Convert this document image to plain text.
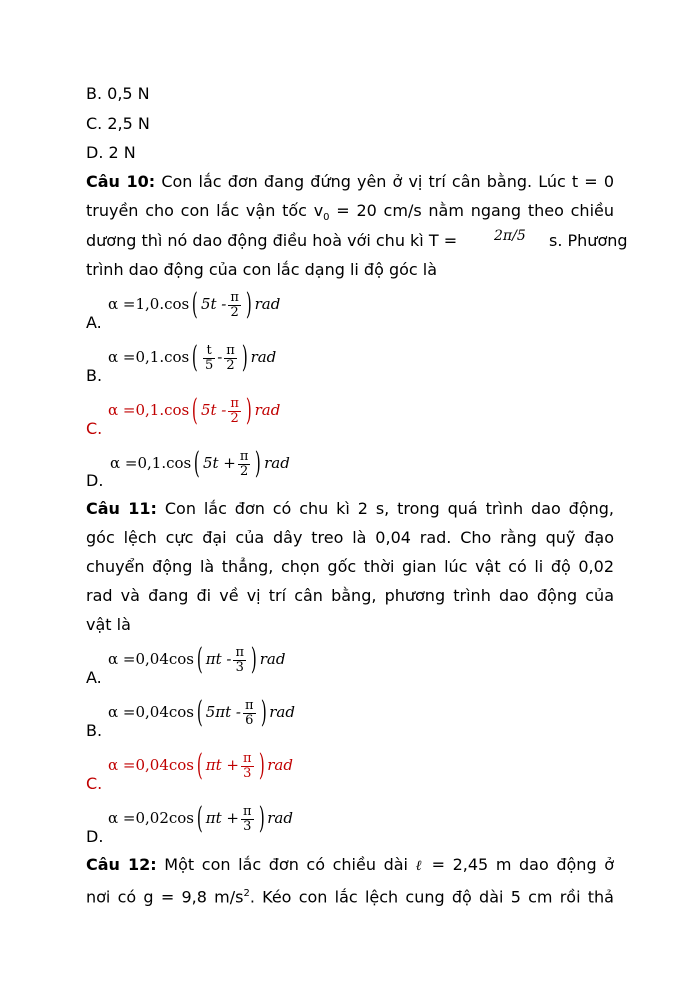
B. 0,5 N
C. 2,5 N
D. 2 N
Câu 10: Con lắc đơn đang đứng yên ở vị trí cân bằng. Lúc t = 0
truyền cho con lắc vận tốc $v_0 = 20$ cm/s nằm ngang theo chiều
dương thì nó dao động điều hoà với chu kì T =	2π/5 s. Phương
trình dao động của con lắc dạng li độ góc là
A.
α =1,0.cos( $5t - \frac{\pi}{2}$ ) rad
B.
$\alpha =0,1.\cos( \frac{t}{5} - \frac{\pi}{2}$ ) rad
C.
α =0,1.cos( $5t - \frac{\pi}{2}$ ) rad
D.
α =0,1.cos( $5t + \frac{\pi}{2}$ ) rad
Câu 11: Con lắc đơn có chu kì 2 s, trong quá trình dao động,
góc lệch cực đại của dây treo là 0,04 rad. Cho rằng quỹ đạo
chuyển động là thẳng, chọn gốc thời gian lúc vật có li độ 0,02
rad và đang đi về vị trí cân bằng, phương trình dao động của
vật là
A.
α =0,04cos( πt - $\frac{\pi}{3}$ ) rad
B.
α =0,04cos( $5\pi t - \frac{\pi}{6}$ ) rad
C.
α =0,04cos( $\pi t + \frac{\pi}{3}$ ) rad
D.
α =0,02cos( $\pi t + \frac{\pi}{3}$ ) rad
Câu 12: Một con lắc đơn có chiều dài ℓ = 2,45 m dao động ở
nơi có g = 9,8 $m/s^2$. Kéo con lắc lệch cung độ dài 5 cm rồi thả
